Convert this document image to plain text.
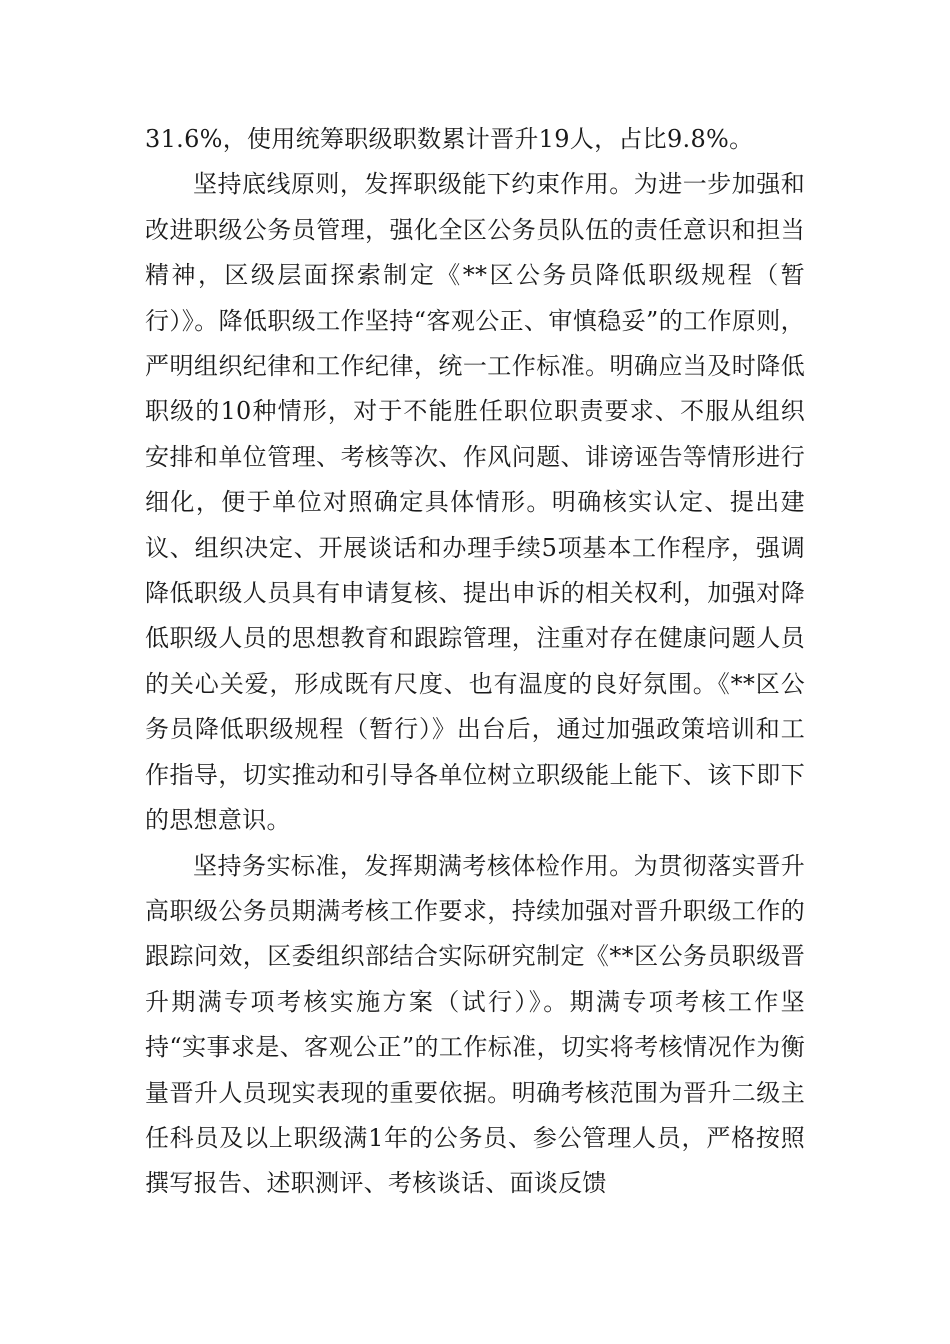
31.6%，使用统筹职级职数累计晋升19人，占比9.8%。

坚持底线原则，发挥职级能下约束作用。为进一步加强和改进职级公务员管理，强化全区公务员队伍的责任意识和担当精神，区级层面探索制定《**区公务员降低职级规程（暂行）》。降低职级工作坚持“客观公正、审慎稳妥”的工作原则，严明组织纪律和工作纪律，统一工作标准。明确应当及时降低职级的10种情形，对于不能胜任职位职责要求、不服从组织安排和单位管理、考核等次、作风问题、诽谤诬告等情形进行细化，便于单位对照确定具体情形。明确核实认定、提出建议、组织决定、开展谈话和办理手续5项基本工作程序，强调降低职级人员具有申请复核、提出申诉的相关权利，加强对降低职级人员的思想教育和跟踪管理，注重对存在健康问题人员的关心关爱，形成既有尺度、也有温度的良好氛围。《**区公务员降低职级规程（暂行）》出台后，通过加强政策培训和工作指导，切实推动和引导各单位树立职级能上能下、该下即下的思想意识。

坚持务实标准，发挥期满考核体检作用。为贯彻落实晋升高职级公务员期满考核工作要求，持续加强对晋升职级工作的跟踪问效，区委组织部结合实际研究制定《**区公务员职级晋升期满专项考核实施方案（试行）》。期满专项考核工作坚持“实事求是、客观公正”的工作标准，切实将考核情况作为衡量晋升人员现实表现的重要依据。明确考核范围为晋升二级主任科员及以上职级满1年的公务员、参公管理人员，严格按照撰写报告、述职测评、考核谈话、面谈反馈
